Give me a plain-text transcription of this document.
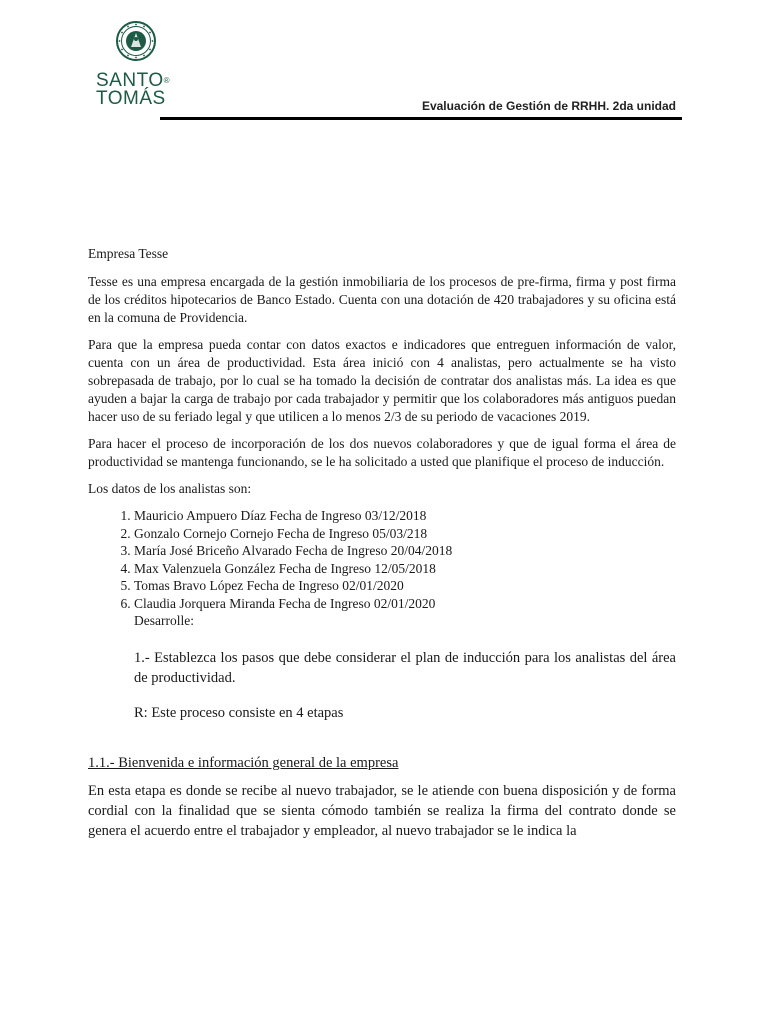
SANTO®
TOMÁS	Evaluación de Gestión de RRHH. 2da unidad

Empresa Tesse

Tesse es una empresa encargada de la gestión inmobiliaria de los procesos de pre-firma, firma y post firma de los créditos hipotecarios de Banco Estado. Cuenta con una dotación de 420 trabajadores y su oficina está en la comuna de Providencia.

Para que la empresa pueda contar con datos exactos e indicadores que entreguen información de valor, cuenta con un área de productividad. Esta área inició con 4 analistas, pero actualmente se ha visto sobrepasada de trabajo, por lo cual se ha tomado la decisión de contratar dos analistas más. La idea es que ayuden a bajar la carga de trabajo por cada trabajador y permitir que los colaboradores más antiguos puedan hacer uso de su feriado legal y que utilicen a lo menos 2/3 de su periodo de vacaciones 2019.

Para hacer el proceso de incorporación de los dos nuevos colaboradores y que de igual forma el área de productividad se mantenga funcionando, se le ha solicitado a usted que planifique el proceso de inducción.

Los datos de los analistas son:

1. Mauricio Ampuero Díaz Fecha de Ingreso 03/12/2018
2. Gonzalo Cornejo Cornejo Fecha de Ingreso 05/03/218
3. María José Briceño Alvarado Fecha de Ingreso 20/04/2018
4. Max Valenzuela González Fecha de Ingreso 12/05/2018
5. Tomas Bravo López Fecha de Ingreso 02/01/2020
6. Claudia Jorquera Miranda Fecha de Ingreso 02/01/2020

Desarrolle:

1.- Establezca los pasos que debe considerar el plan de inducción para los analistas del área de productividad.

R: Este proceso consiste en 4 etapas

1.1.- Bienvenida e información general de la empresa

En esta etapa es donde se recibe al nuevo trabajador, se le atiende con buena disposición y de forma cordial con la finalidad que se sienta cómodo también se realiza la firma del contrato donde se genera el acuerdo entre el trabajador y empleador, al nuevo trabajador se le indica la
